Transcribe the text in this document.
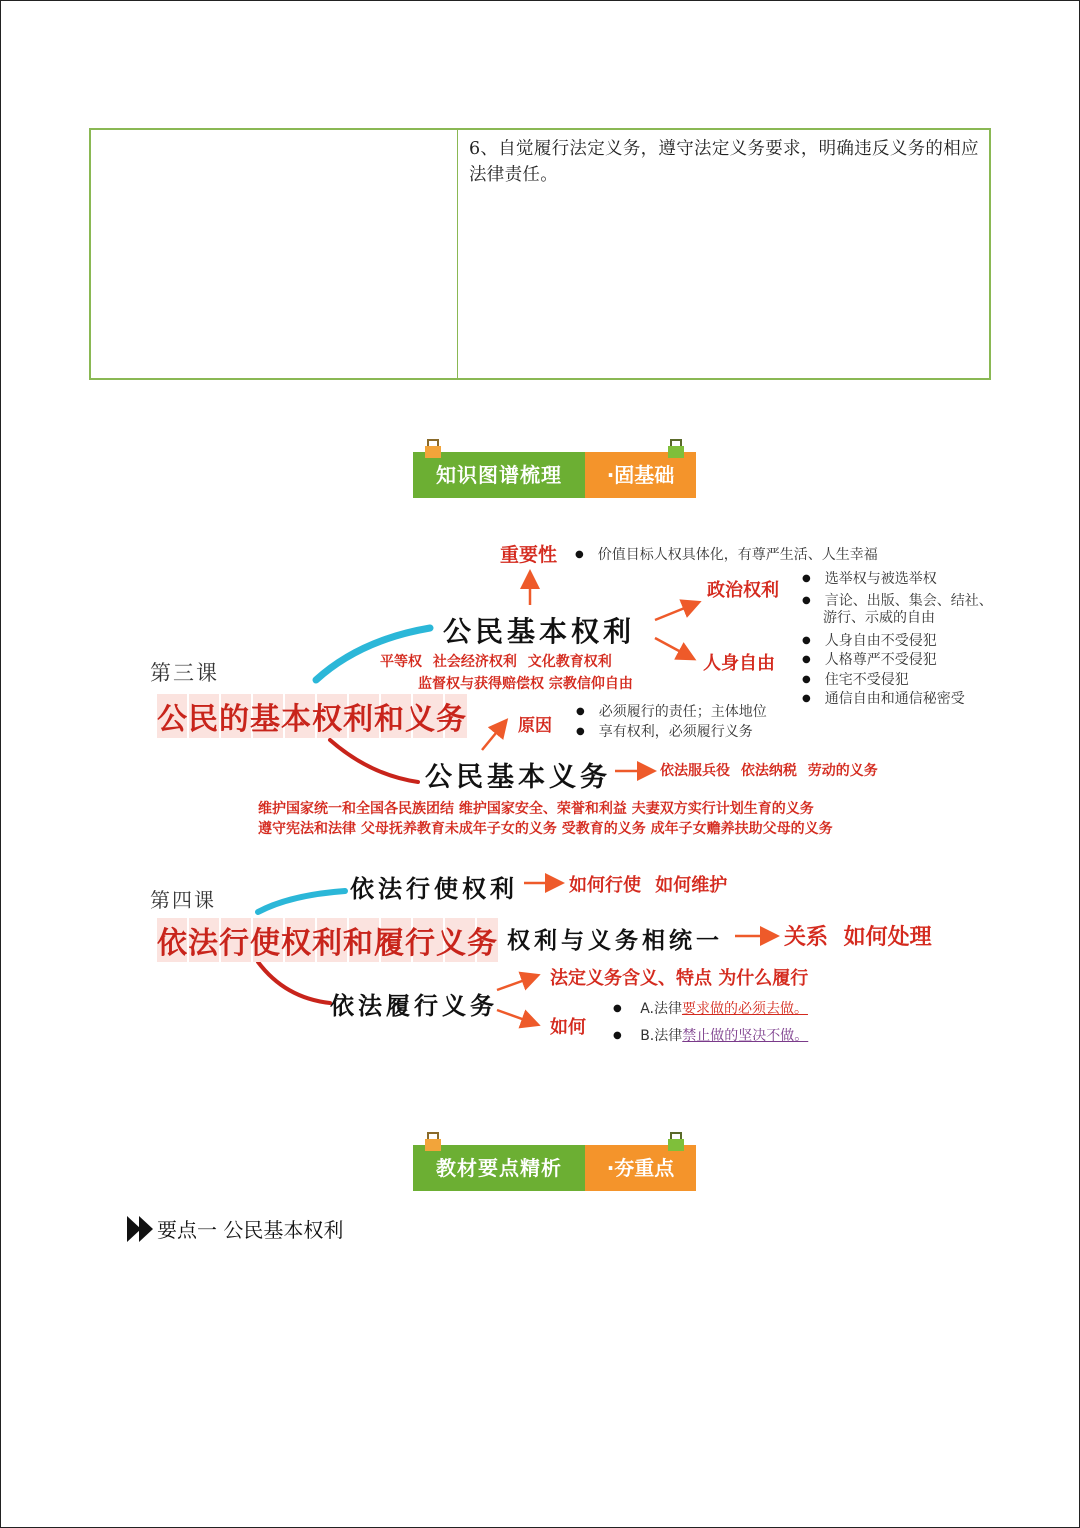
6、自觉履行法定义务，遵守法定义务要求，明确违反义务的相应法律责任。
知识图谱梳理	·固基础
重要性
●	价值目标人权具体化，有尊严生活、人生幸福
政治权利
● 选举权与被选举权
● 言论、出版、集会、结社、
游行、示威的自由
公民基本权利
人身自由
● 人身自由不受侵犯
● 人格尊严不受侵犯
● 住宅不受侵犯
● 通信自由和通信秘密受
平等权 社会经济权利 文化教育权利
监督权与获得赔偿权 宗教信仰自由
第三课
公民的基本权利和义务	原因
● 必须履行的责任；主体地位
● 享有权利，必须履行义务
公民基本义务	依法服兵役 依法纳税 劳动的义务
维护国家统一和全国各民族团结 维护国家安全、荣誉和利益 夫妻双方实行计划生育的义务
遵守宪法和法律 父母抚养教育未成年子女的义务 受教育的义务 成年子女赡养扶助父母的义务
第四课	依法行使权利	如何行使 如何维护
依法行使权利和履行义务 权利与义务相统一	关系 如何处理
法定义务含义、特点 为什么履行
依法履行义务
如何
● A.法律要求做的必须去做。
● B.法律禁止做的坚决不做。
教材要点精析	·夯重点
要点一 公民基本权利
